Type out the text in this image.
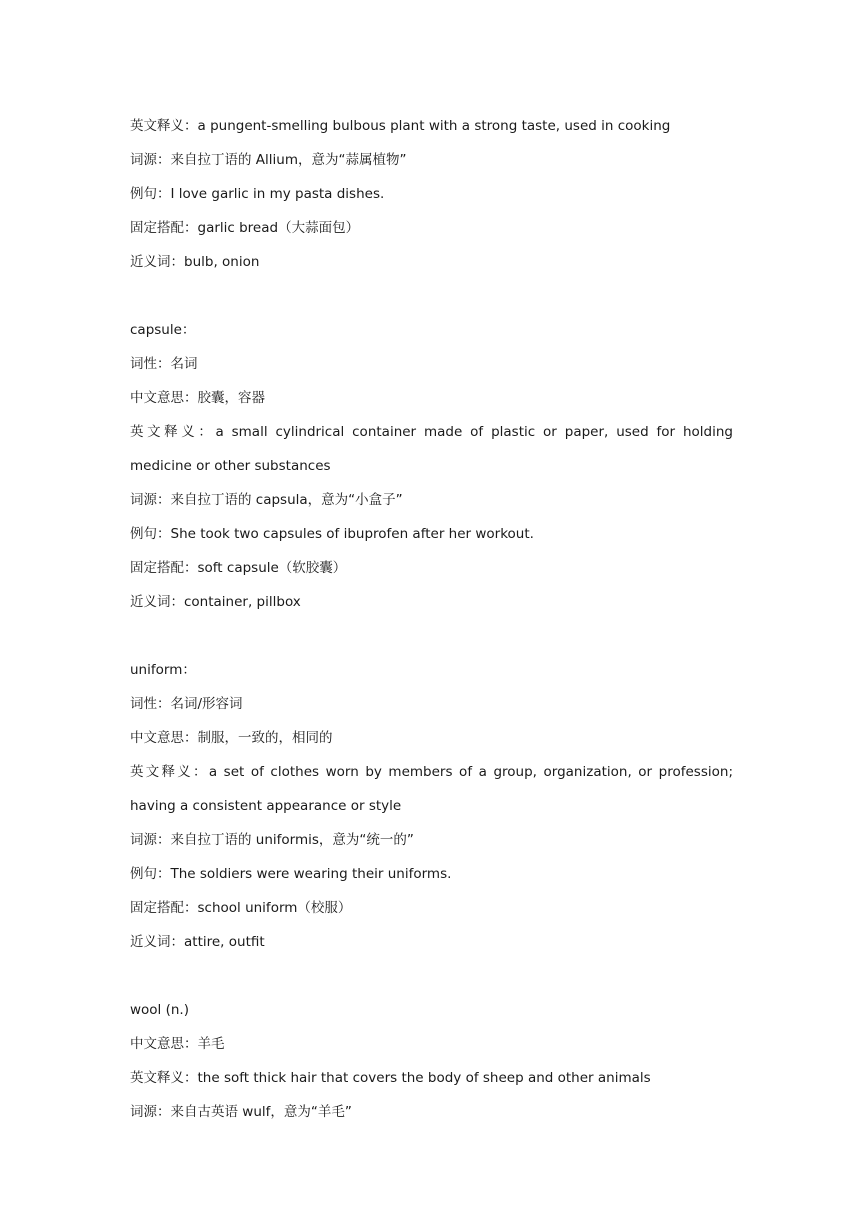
英文释义：a pungent-smelling bulbous plant with a strong taste, used in cooking
词源：来自拉丁语的 Allium，意为“蒜属植物”
例句：I love garlic in my pasta dishes.
固定搭配：garlic bread（大蒜面包）
近义词：bulb, onion
capsule：
词性：名词
中文意思：胶囊，容器
英文释义：a small cylindrical container made of plastic or paper, used for holding medicine or other substances
词源：来自拉丁语的 capsula，意为“小盒子”
例句：She took two capsules of ibuprofen after her workout.
固定搭配：soft capsule（软胶囊）
近义词：container, pillbox
uniform：
词性：名词/形容词
中文意思：制服，一致的，相同的
英文释义：a set of clothes worn by members of a group, organization, or profession; having a consistent appearance or style
词源：来自拉丁语的 uniformis，意为“统一的”
例句：The soldiers were wearing their uniforms.
固定搭配：school uniform（校服）
近义词：attire, outfit
wool (n.)
中文意思：羊毛
英文释义：the soft thick hair that covers the body of sheep and other animals
词源：来自古英语 wulf，意为“羊毛”
